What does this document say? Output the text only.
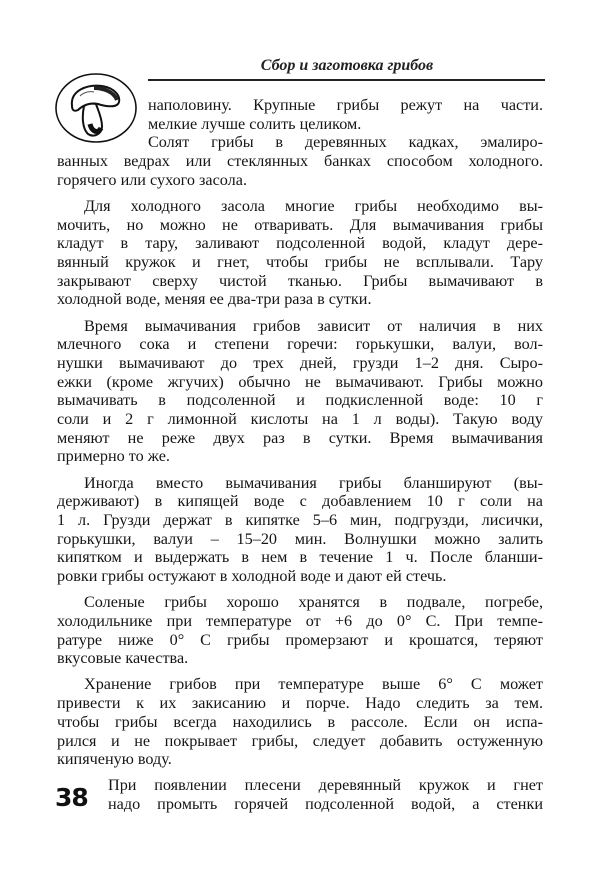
Сбор и заготовка грибов
наполовину. Крупные грибы режут на части.
мелкие лучше солить целиком.
Солят грибы в деревянных кадках, эмалиро-
ванных ведрах или стеклянных банках способом холодного.
горячего или сухого засола.
Для холодного засола многие грибы необходимо вы-
мочить, но можно не отваривать. Для вымачивания грибы
кладут в тару, заливают подсоленной водой, кладут дере-
вянный кружок и гнет, чтобы грибы не всплывали. Тару
закрывают сверху чистой тканью. Грибы вымачивают в
холодной воде, меняя ее два-три раза в сутки.
Время вымачивания грибов зависит от наличия в них
млечного сока и степени горечи: горькушки, валуи, вол-
нушки вымачивают до трех дней, грузди 1–2 дня. Сыро-
ежки (кроме жгучих) обычно не вымачивают. Грибы можно
вымачивать в подсоленной и подкисленной воде: 10 г
соли и 2 г лимонной кислоты на 1 л воды). Такую воду
меняют не реже двух раз в сутки. Время вымачивания
примерно то же.
Иногда вместо вымачивания грибы бланшируют (вы-
держивают) в кипящей воде с добавлением 10 г соли на
1 л. Грузди держат в кипятке 5–6 мин, подгрузди, лисички,
горькушки, валуи – 15–20 мин. Волнушки можно залить
кипятком и выдержать в нем в течение 1 ч. После бланши-
ровки грибы остужают в холодной воде и дают ей стечь.
Соленые грибы хорошо хранятся в подвале, погребе,
холодильнике при температуре от +6 до 0° С. При темпе-
ратуре ниже 0° С грибы промерзают и крошатся, теряют
вкусовые качества.
Хранение грибов при температуре выше 6° С может
привести к их закисанию и порче. Надо следить за тем.
чтобы грибы всегда находились в рассоле. Если он испа-
рился и не покрывает грибы, следует добавить остуженную
кипяченую воду.
При появлении плесени деревянный кружок и гнет
надо промыть горячей подсоленной водой, а стенки
38
